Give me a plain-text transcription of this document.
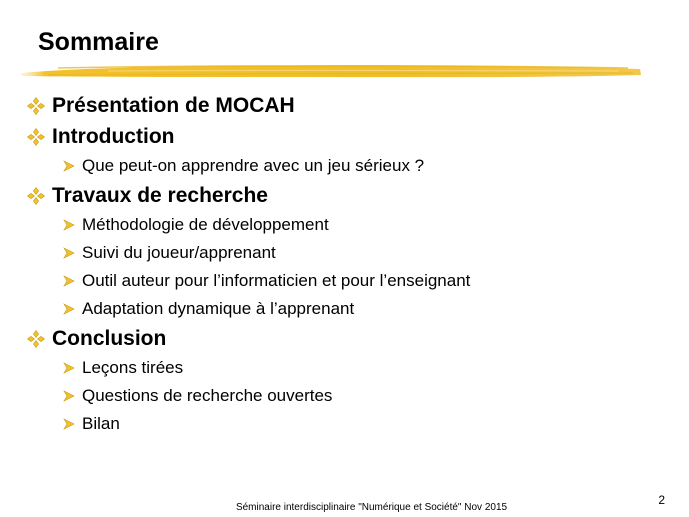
Sommaire
Présentation de MOCAH
Introduction
Que peut-on apprendre avec un jeu sérieux ?
Travaux de recherche
Méthodologie de développement
Suivi du joueur/apprenant
Outil auteur pour l’informaticien et pour l’enseignant
Adaptation dynamique à l’apprenant
Conclusion
Leçons tirées
Questions de recherche ouvertes
Bilan
2
Séminaire interdisciplinaire "Numérique et Société" Nov 2015
